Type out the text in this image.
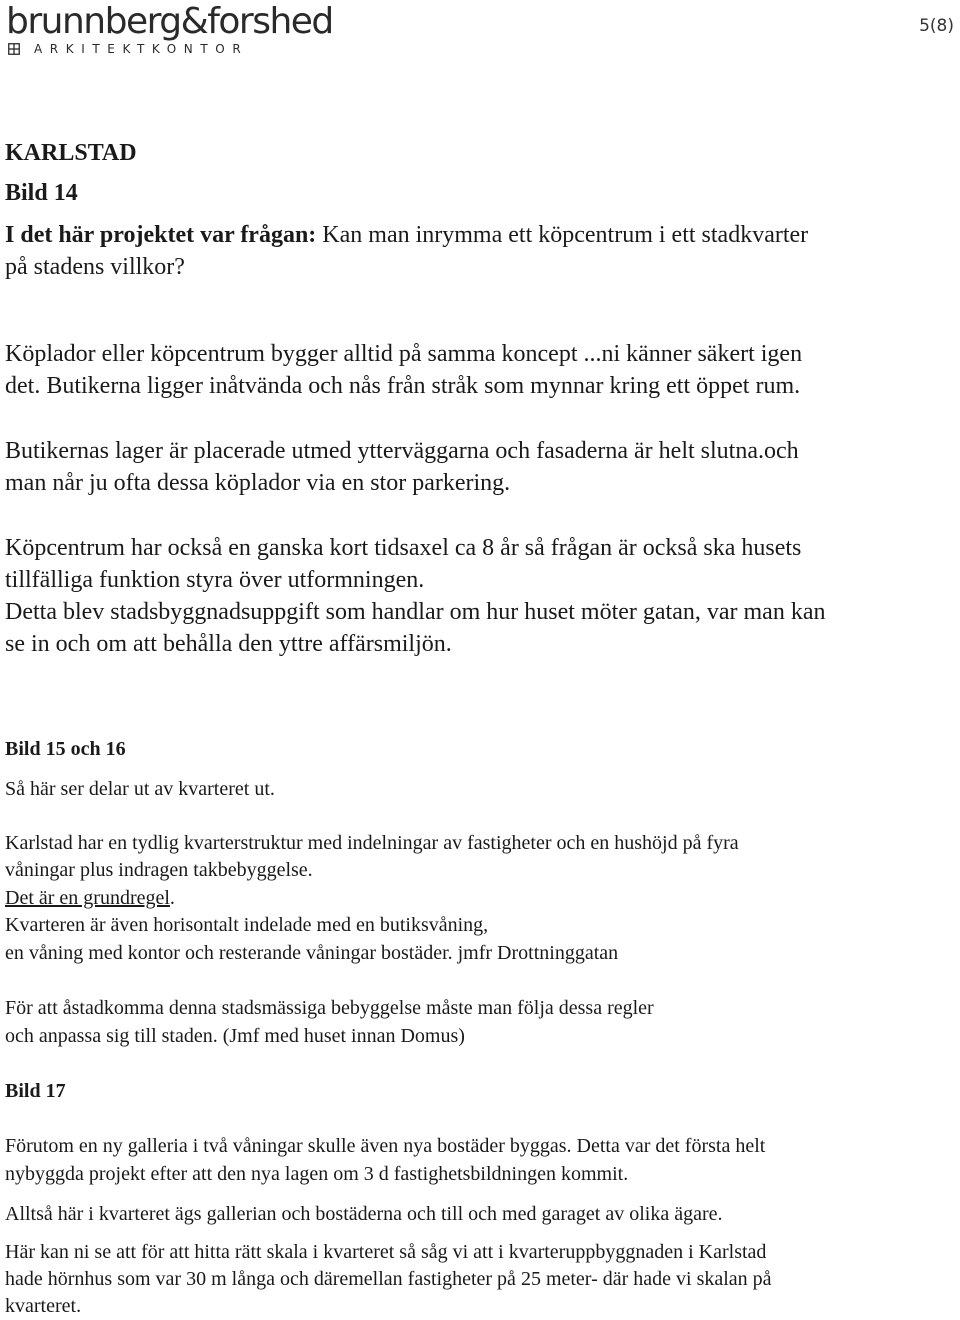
brunnberg&forshed
ARKITEKTKONTOR
5(8)

KARLSTAD

Bild 14

I det här projektet var frågan: Kan man inrymma ett köpcentrum i ett stadkvarter

på stadens villkor?

Köplador eller köpcentrum bygger alltid på samma koncept ...ni känner säkert igen

det. Butikerna ligger inåtvända och nås från stråk som mynnar kring ett öppet rum.

Butikernas lager är placerade utmed ytterväggarna och fasaderna är helt slutna.och

man når ju ofta dessa köplador via en stor parkering.

Köpcentrum har också en ganska kort tidsaxel ca 8 år så frågan är också ska husets

tillfälliga funktion styra över utformningen.

Detta blev stadsbyggnadsuppgift som handlar om hur huset möter gatan, var man kan

se in och om att behålla den yttre affärsmiljön.

Bild 15 och 16

Så här ser delar ut av kvarteret ut.

Karlstad har en tydlig kvarterstruktur med indelningar av fastigheter och en hushöjd på fyra

våningar plus indragen takbebyggelse.

Det är en grundregel.

Kvarteren är även horisontalt indelade med en butiksvåning,

en våning med kontor och resterande våningar bostäder. jmfr Drottninggatan

För att åstadkomma denna stadsmässiga bebyggelse måste man följa dessa regler

och anpassa sig till staden. (Jmf med huset innan Domus)

Bild 17

Förutom en ny galleria i två våningar skulle även nya bostäder byggas. Detta var det första helt

nybyggda projekt efter att den nya lagen om 3 d fastighetsbildningen kommit.

Alltså här i kvarteret ägs gallerian och bostäderna och till och med garaget av olika ägare.

Här kan ni se att för att hitta rätt skala i kvarteret så såg vi att i kvarteruppbyggnaden i Karlstad

hade hörnhus som var 30 m långa och däremellan fastigheter på 25 meter- där hade vi skalan på

kvarteret.
